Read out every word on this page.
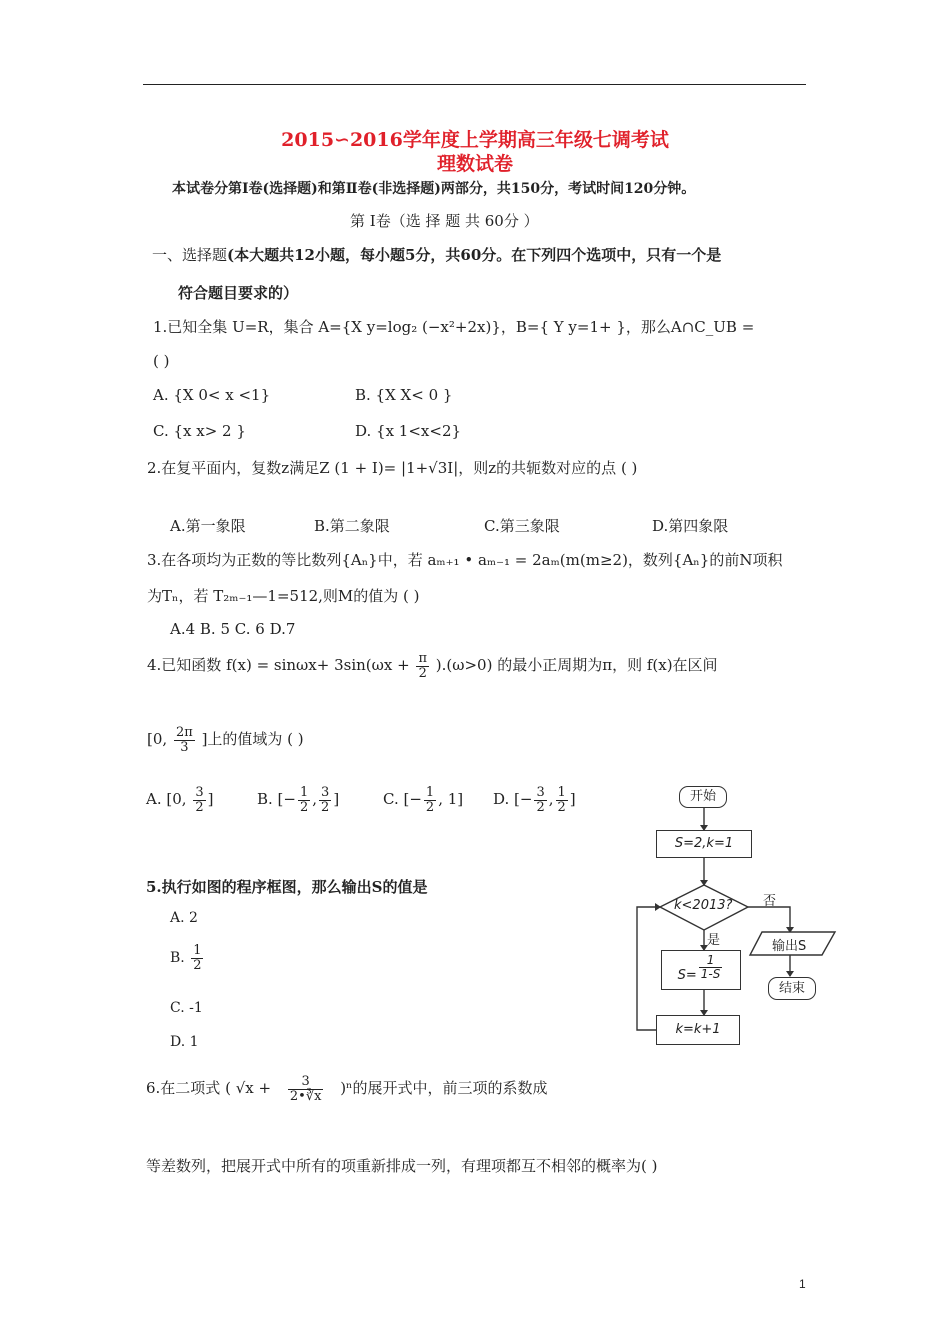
2015∽2016学年度上学期高三年级七调考试
理数试卷
本试卷分第Ⅰ卷(选择题)和第Ⅱ卷(非选择题)两部分，共150分，考试时间120分钟。
第 Ⅰ卷（选 择 题 共 60分 ）
一、选择题(本大题共12小题，每小题5分，共60分。在下列四个选项中，只有一个是
符合题目要求的）
1.已知全集 U=R，集合 A={X y=log₂ (−x²+2x)}，B={ Y y=1+ }，那么A∩C_UB =
( )
A. {X 0< x <1}	B. {X X< 0 }
C. {x x> 2 }	D. {x 1<x<2}
2.在复平面内，复数z满足Z (1 + I)= |1+√3I|，则z的共轭数对应的点 ( )
A.第一象限	B.第二象限	C.第三象限	D.第四象限
3.在各项均为正数的等比数列{Aₙ}中，若 aₘ₊₁ • aₘ₋₁ = 2aₘ(m(m≥2)，数列{Aₙ}的前N项积
为Tₙ，若 T₂ₘ₋₁—1=512,则M的值为 ( )
A.4 B. 5 C. 6 D.7
4.已知函数 $f(x) = \sin\omega x+ 3\sin(\omega x + \frac{\pi}{2} ).(\omega>0)$ 的最小正周期为π，则 f(x)在区间
[0, $\frac{2\pi}{3}$ ]上的值域为 ( )
A. [0, $\frac{3}{2}$ ]	B. [− $\frac{1}{2}$ , $\frac{3}{2}$ ]	C. [− $\frac{1}{2}$ , 1] D. [− $\frac{3}{2}$ , $\frac{1}{2}$ ]
5.执行如图的程序框图，那么输出S的值是
A. 2
B. $\frac{1}{2}$
C. -1
D. 1
开始
S=2,k=1
k<2013? 否
是
$S= \frac{1}{1-S}$
k=k+1
输出S
结束
6.在二项式 ( $√x + \frac{3}{2•∛x} )^n$的展开式中，前三项的系数成
等差数列，把展开式中所有的项重新排成一列，有理项都互不相邻的概率为( )
1
